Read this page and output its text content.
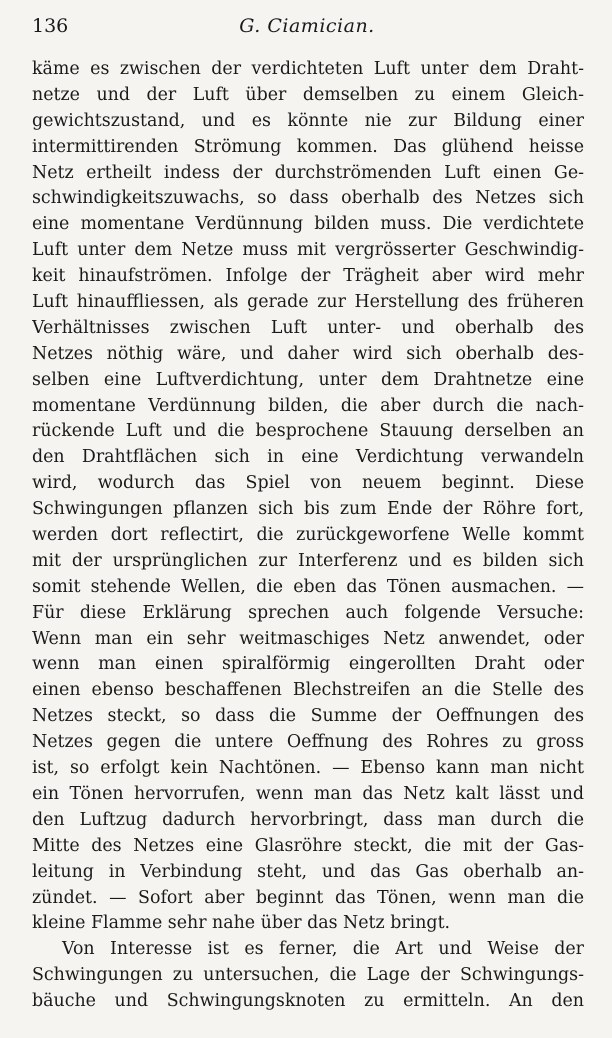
136	G. Ciamician.
käme es zwischen der verdichteten Luft unter dem Draht-
netze und der Luft über demselben zu einem Gleich-
gewichtszustand, und es könnte nie zur Bildung einer
intermittirenden Strömung kommen. Das glühend heisse
Netz ertheilt indess der durchströmenden Luft einen Ge-
schwindigkeitszuwachs, so dass oberhalb des Netzes sich
eine momentane Verdünnung bilden muss. Die verdichtete
Luft unter dem Netze muss mit vergrösserter Geschwindig-
keit hinaufströmen. Infolge der Trägheit aber wird mehr
Luft hinauffliessen, als gerade zur Herstellung des früheren
Verhältnisses zwischen Luft unter- und oberhalb des
Netzes nöthig wäre, und daher wird sich oberhalb des-
selben eine Luftverdichtung, unter dem Drahtnetze eine
momentane Verdünnung bilden, die aber durch die nach-
rückende Luft und die besprochene Stauung derselben an
den Drahtflächen sich in eine Verdichtung verwandeln
wird, wodurch das Spiel von neuem beginnt. Diese
Schwingungen pflanzen sich bis zum Ende der Röhre fort,
werden dort reflectirt, die zurückgeworfene Welle kommt
mit der ursprünglichen zur Interferenz und es bilden sich
somit stehende Wellen, die eben das Tönen ausmachen. —
Für diese Erklärung sprechen auch folgende Versuche:
Wenn man ein sehr weitmaschiges Netz anwendet, oder
wenn man einen spiralförmig eingerollten Draht oder
einen ebenso beschaffenen Blechstreifen an die Stelle des
Netzes steckt, so dass die Summe der Oeffnungen des
Netzes gegen die untere Oeffnung des Rohres zu gross
ist, so erfolgt kein Nachtönen. — Ebenso kann man nicht
ein Tönen hervorrufen, wenn man das Netz kalt lässt und
den Luftzug dadurch hervorbringt, dass man durch die
Mitte des Netzes eine Glasröhre steckt, die mit der Gas-
leitung in Verbindung steht, und das Gas oberhalb an-
zündet. — Sofort aber beginnt das Tönen, wenn man die
kleine Flamme sehr nahe über das Netz bringt.
Von Interesse ist es ferner, die Art und Weise der
Schwingungen zu untersuchen, die Lage der Schwingungs-
bäuche und Schwingungsknoten zu ermitteln. An den
